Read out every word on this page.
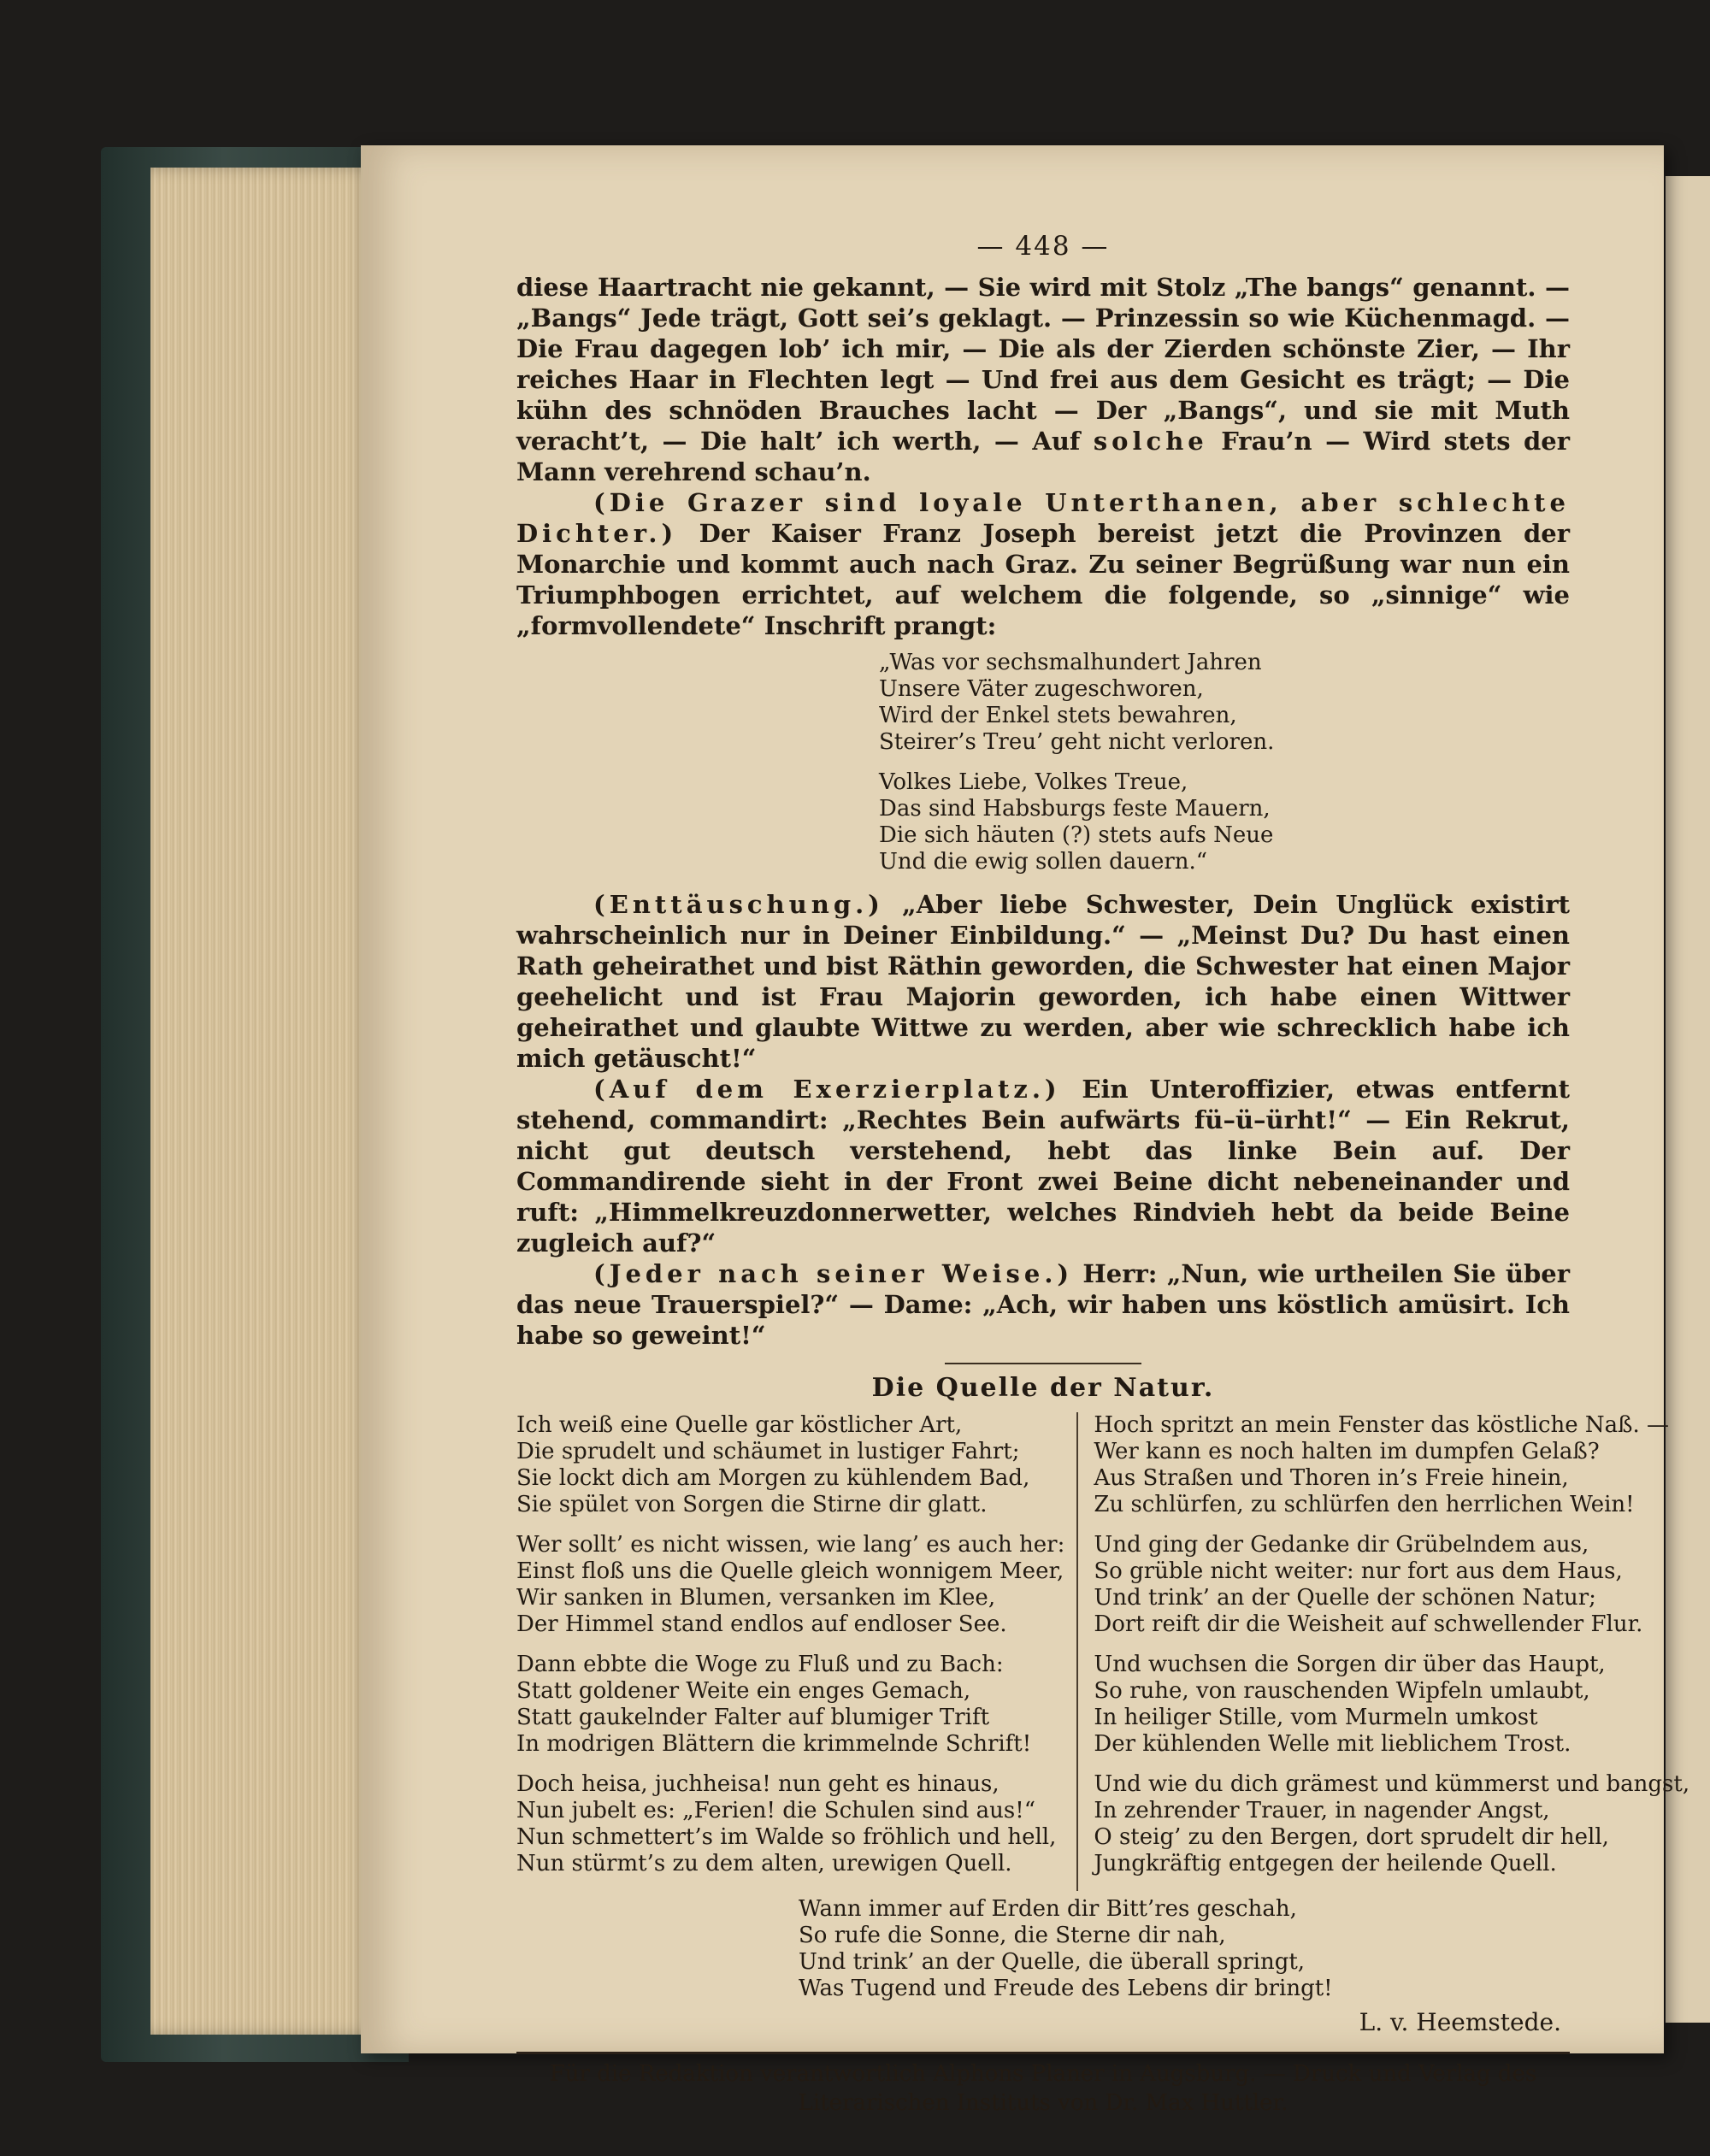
— 448 —

diese Haartracht nie gekannt, — Sie wird mit Stolz „The bangs“ genannt. — „Bangs“ Jede trägt, Gott sei’s geklagt. — Prinzessin so wie Küchenmagd. — Die Frau dagegen lob’ ich mir, — Die als der Zierden schönste Zier, — Ihr reiches Haar in Flechten legt — Und frei aus dem Gesicht es trägt; — Die kühn des schnöden Brauches lacht — Der „Bangs“, und sie mit Muth veracht’t, — Die halt’ ich werth, — Auf solche Frau’n — Wird stets der Mann verehrend schau’n.

(Die Grazer sind loyale Unterthanen, aber schlechte Dichter.) Der Kaiser Franz Joseph bereist jetzt die Provinzen der Monarchie und kommt auch nach Graz. Zu seiner Begrüßung war nun ein Triumphbogen errichtet, auf welchem die folgende, so „sinnige“ wie „formvollendete“ Inschrift prangt:

„Was vor sechsmalhundert Jahren
Unsere Väter zugeschworen,
Wird der Enkel stets bewahren,
Steirer’s Treu’ geht nicht verloren.
Volkes Liebe, Volkes Treue,
Das sind Habsburgs feste Mauern,
Die sich häuten (?) stets aufs Neue
Und die ewig sollen dauern.“

(Enttäuschung.) „Aber liebe Schwester, Dein Unglück existirt wahrscheinlich nur in Deiner Einbildung.“ — „Meinst Du? Du hast einen Rath geheirathet und bist Räthin geworden, die Schwester hat einen Major geehelicht und ist Frau Majorin geworden, ich habe einen Wittwer geheirathet und glaubte Wittwe zu werden, aber wie schrecklich habe ich mich getäuscht!“

(Auf dem Exerzierplatz.) Ein Unteroffizier, etwas entfernt stehend, commandirt: „Rechtes Bein aufwärts fü–ü–ürht!“ — Ein Rekrut, nicht gut deutsch verstehend, hebt das linke Bein auf. Der Commandirende sieht in der Front zwei Beine dicht nebeneinander und ruft: „Himmelkreuzdonnerwetter, welches Rindvieh hebt da beide Beine zugleich auf?“

(Jeder nach seiner Weise.) Herr: „Nun, wie urtheilen Sie über das neue Trauerspiel?“ — Dame: „Ach, wir haben uns köstlich amüsirt. Ich habe so geweint!“

Die Quelle der Natur.
Ich weiß eine Quelle gar köstlicher Art,
Die sprudelt und schäumet in lustiger Fahrt;
Sie lockt dich am Morgen zu kühlendem Bad,
Sie spület von Sorgen die Stirne dir glatt.
Wer sollt’ es nicht wissen, wie lang’ es auch her:
Einst floß uns die Quelle gleich wonnigem Meer,
Wir sanken in Blumen, versanken im Klee,
Der Himmel stand endlos auf endloser See.
Dann ebbte die Woge zu Fluß und zu Bach:
Statt goldener Weite ein enges Gemach,
Statt gaukelnder Falter auf blumiger Trift
In modrigen Blättern die krimmelnde Schrift!
Doch heisa, juchheisa! nun geht es hinaus,
Nun jubelt es: „Ferien! die Schulen sind aus!“
Nun schmettert’s im Walde so fröhlich und hell,
Nun stürmt’s zu dem alten, urewigen Quell.
Hoch spritzt an mein Fenster das köstliche Naß. —
Wer kann es noch halten im dumpfen Gelaß?
Aus Straßen und Thoren in’s Freie hinein,
Zu schlürfen, zu schlürfen den herrlichen Wein!
Und ging der Gedanke dir Grübelndem aus,
So grüble nicht weiter: nur fort aus dem Haus,
Und trink’ an der Quelle der schönen Natur;
Dort reift dir die Weisheit auf schwellender Flur.
Und wuchsen die Sorgen dir über das Haupt,
So ruhe, von rauschenden Wipfeln umlaubt,
In heiliger Stille, vom Murmeln umkost
Der kühlenden Welle mit lieblichem Trost.
Und wie du dich grämest und kümmerst und bangst,
In zehrender Trauer, in nagender Angst,
O steig’ zu den Bergen, dort sprudelt dir hell,
Jungkräftig entgegen der heilende Quell.
Wann immer auf Erden dir Bitt’res geschah,
So rufe die Sonne, die Sterne dir nah,
Und trink’ an der Quelle, die überall springt,
Was Tugend und Freude des Lebens dir bringt!
L. v. Heemstede.
Für die Redaktion verantwortlich Alphons Planer in Augsburg. — Druck und Verlag des
Literarischen Instituts von Dr. Max Huttler.
